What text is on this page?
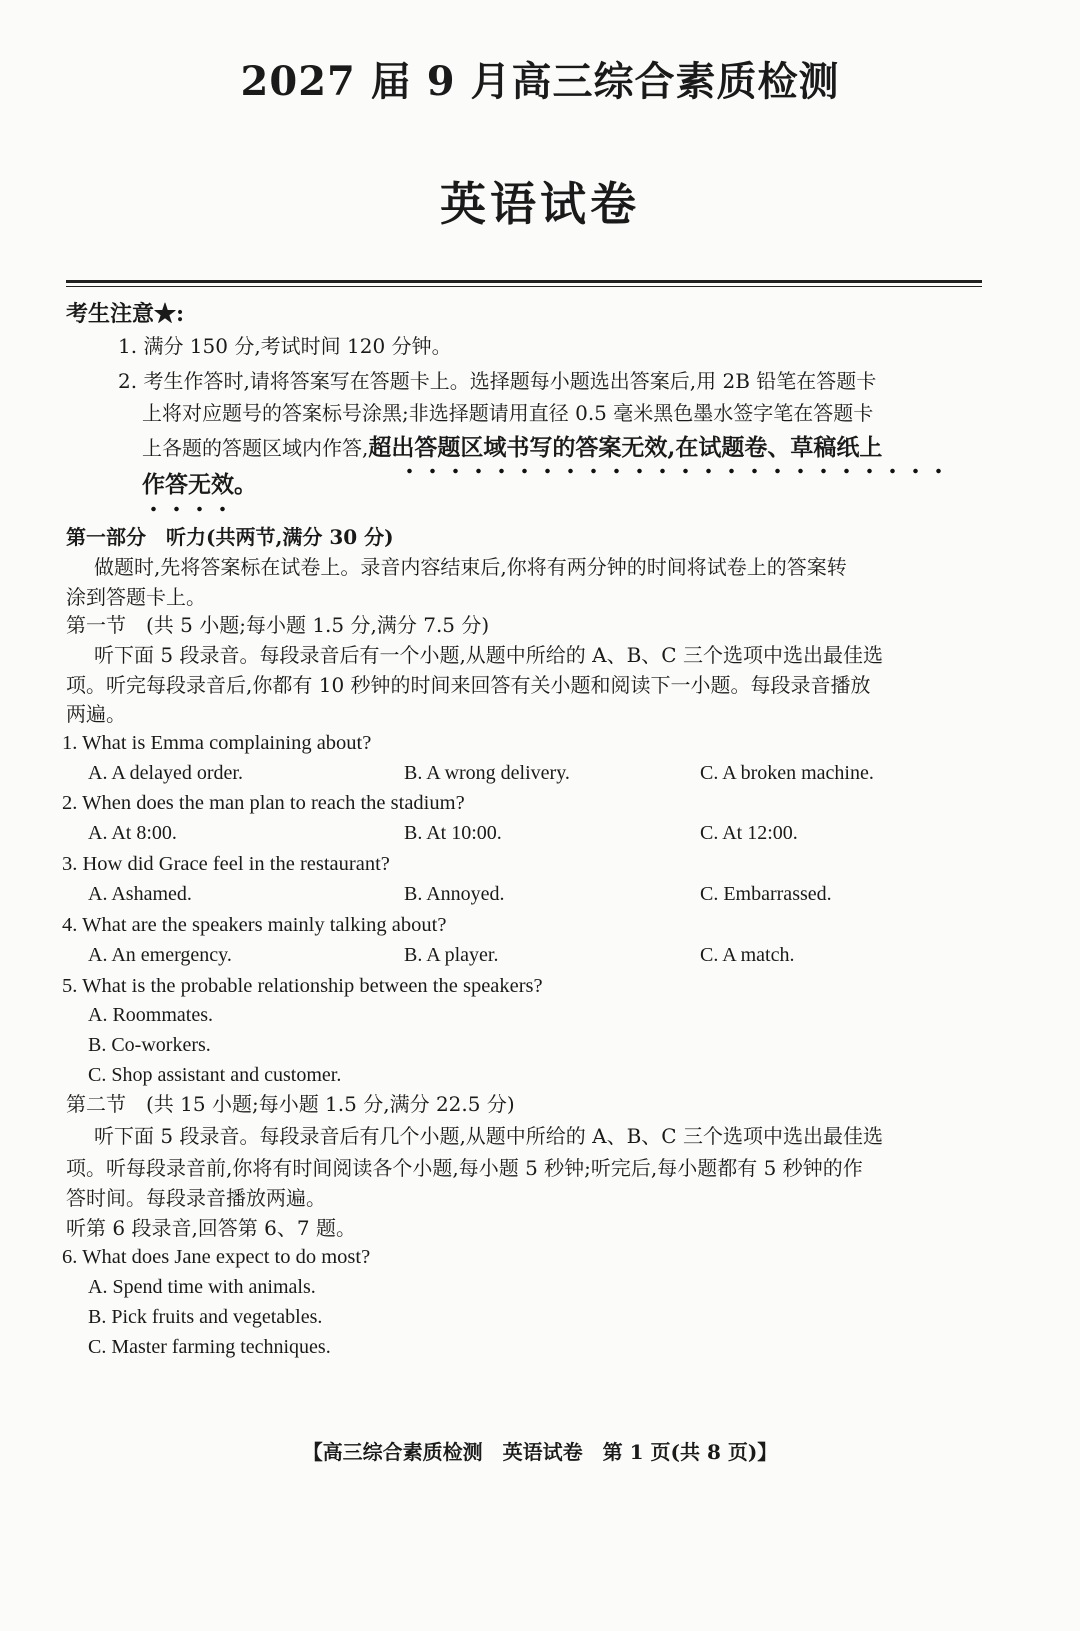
2027 届 9 月高三综合素质检测
英语试卷
考生注意★:
1. 满分 150 分,考试时间 120 分钟。
2. 考生作答时,请将答案写在答题卡上。选择题每小题选出答案后,用 2B 铅笔在答题卡
上将对应题号的答案标号涂黑;非选择题请用直径 0.5 毫米黑色墨水签字笔在答题卡
上各题的答题区域内作答,超出答题区域书写的答案无效,在试题卷、草稿纸上
作答无效。
第一部分　听力(共两节,满分 30 分)
做题时,先将答案标在试卷上。录音内容结束后,你将有两分钟的时间将试卷上的答案转
涂到答题卡上。
第一节　(共 5 小题;每小题 1.5 分,满分 7.5 分)
听下面 5 段录音。每段录音后有一个小题,从题中所给的 A、B、C 三个选项中选出最佳选
项。听完每段录音后,你都有 10 秒钟的时间来回答有关小题和阅读下一小题。每段录音播放
两遍。
1. What is Emma complaining about?
A. A delayed order.	B. A wrong delivery.	C. A broken machine.
2. When does the man plan to reach the stadium?
A. At 8:00.	B. At 10:00.	C. At 12:00.
3. How did Grace feel in the restaurant?
A. Ashamed.	B. Annoyed.	C. Embarrassed.
4. What are the speakers mainly talking about?
A. An emergency.	B. A player.	C. A match.
5. What is the probable relationship between the speakers?
A. Roommates.
B. Co-workers.
C. Shop assistant and customer.
第二节　(共 15 小题;每小题 1.5 分,满分 22.5 分)
听下面 5 段录音。每段录音后有几个小题,从题中所给的 A、B、C 三个选项中选出最佳选
项。听每段录音前,你将有时间阅读各个小题,每小题 5 秒钟;听完后,每小题都有 5 秒钟的作
答时间。每段录音播放两遍。
听第 6 段录音,回答第 6、7 题。
6. What does Jane expect to do most?
A. Spend time with animals.
B. Pick fruits and vegetables.
C. Master farming techniques.
【高三综合素质检测　英语试卷　第 1 页(共 8 页)】
